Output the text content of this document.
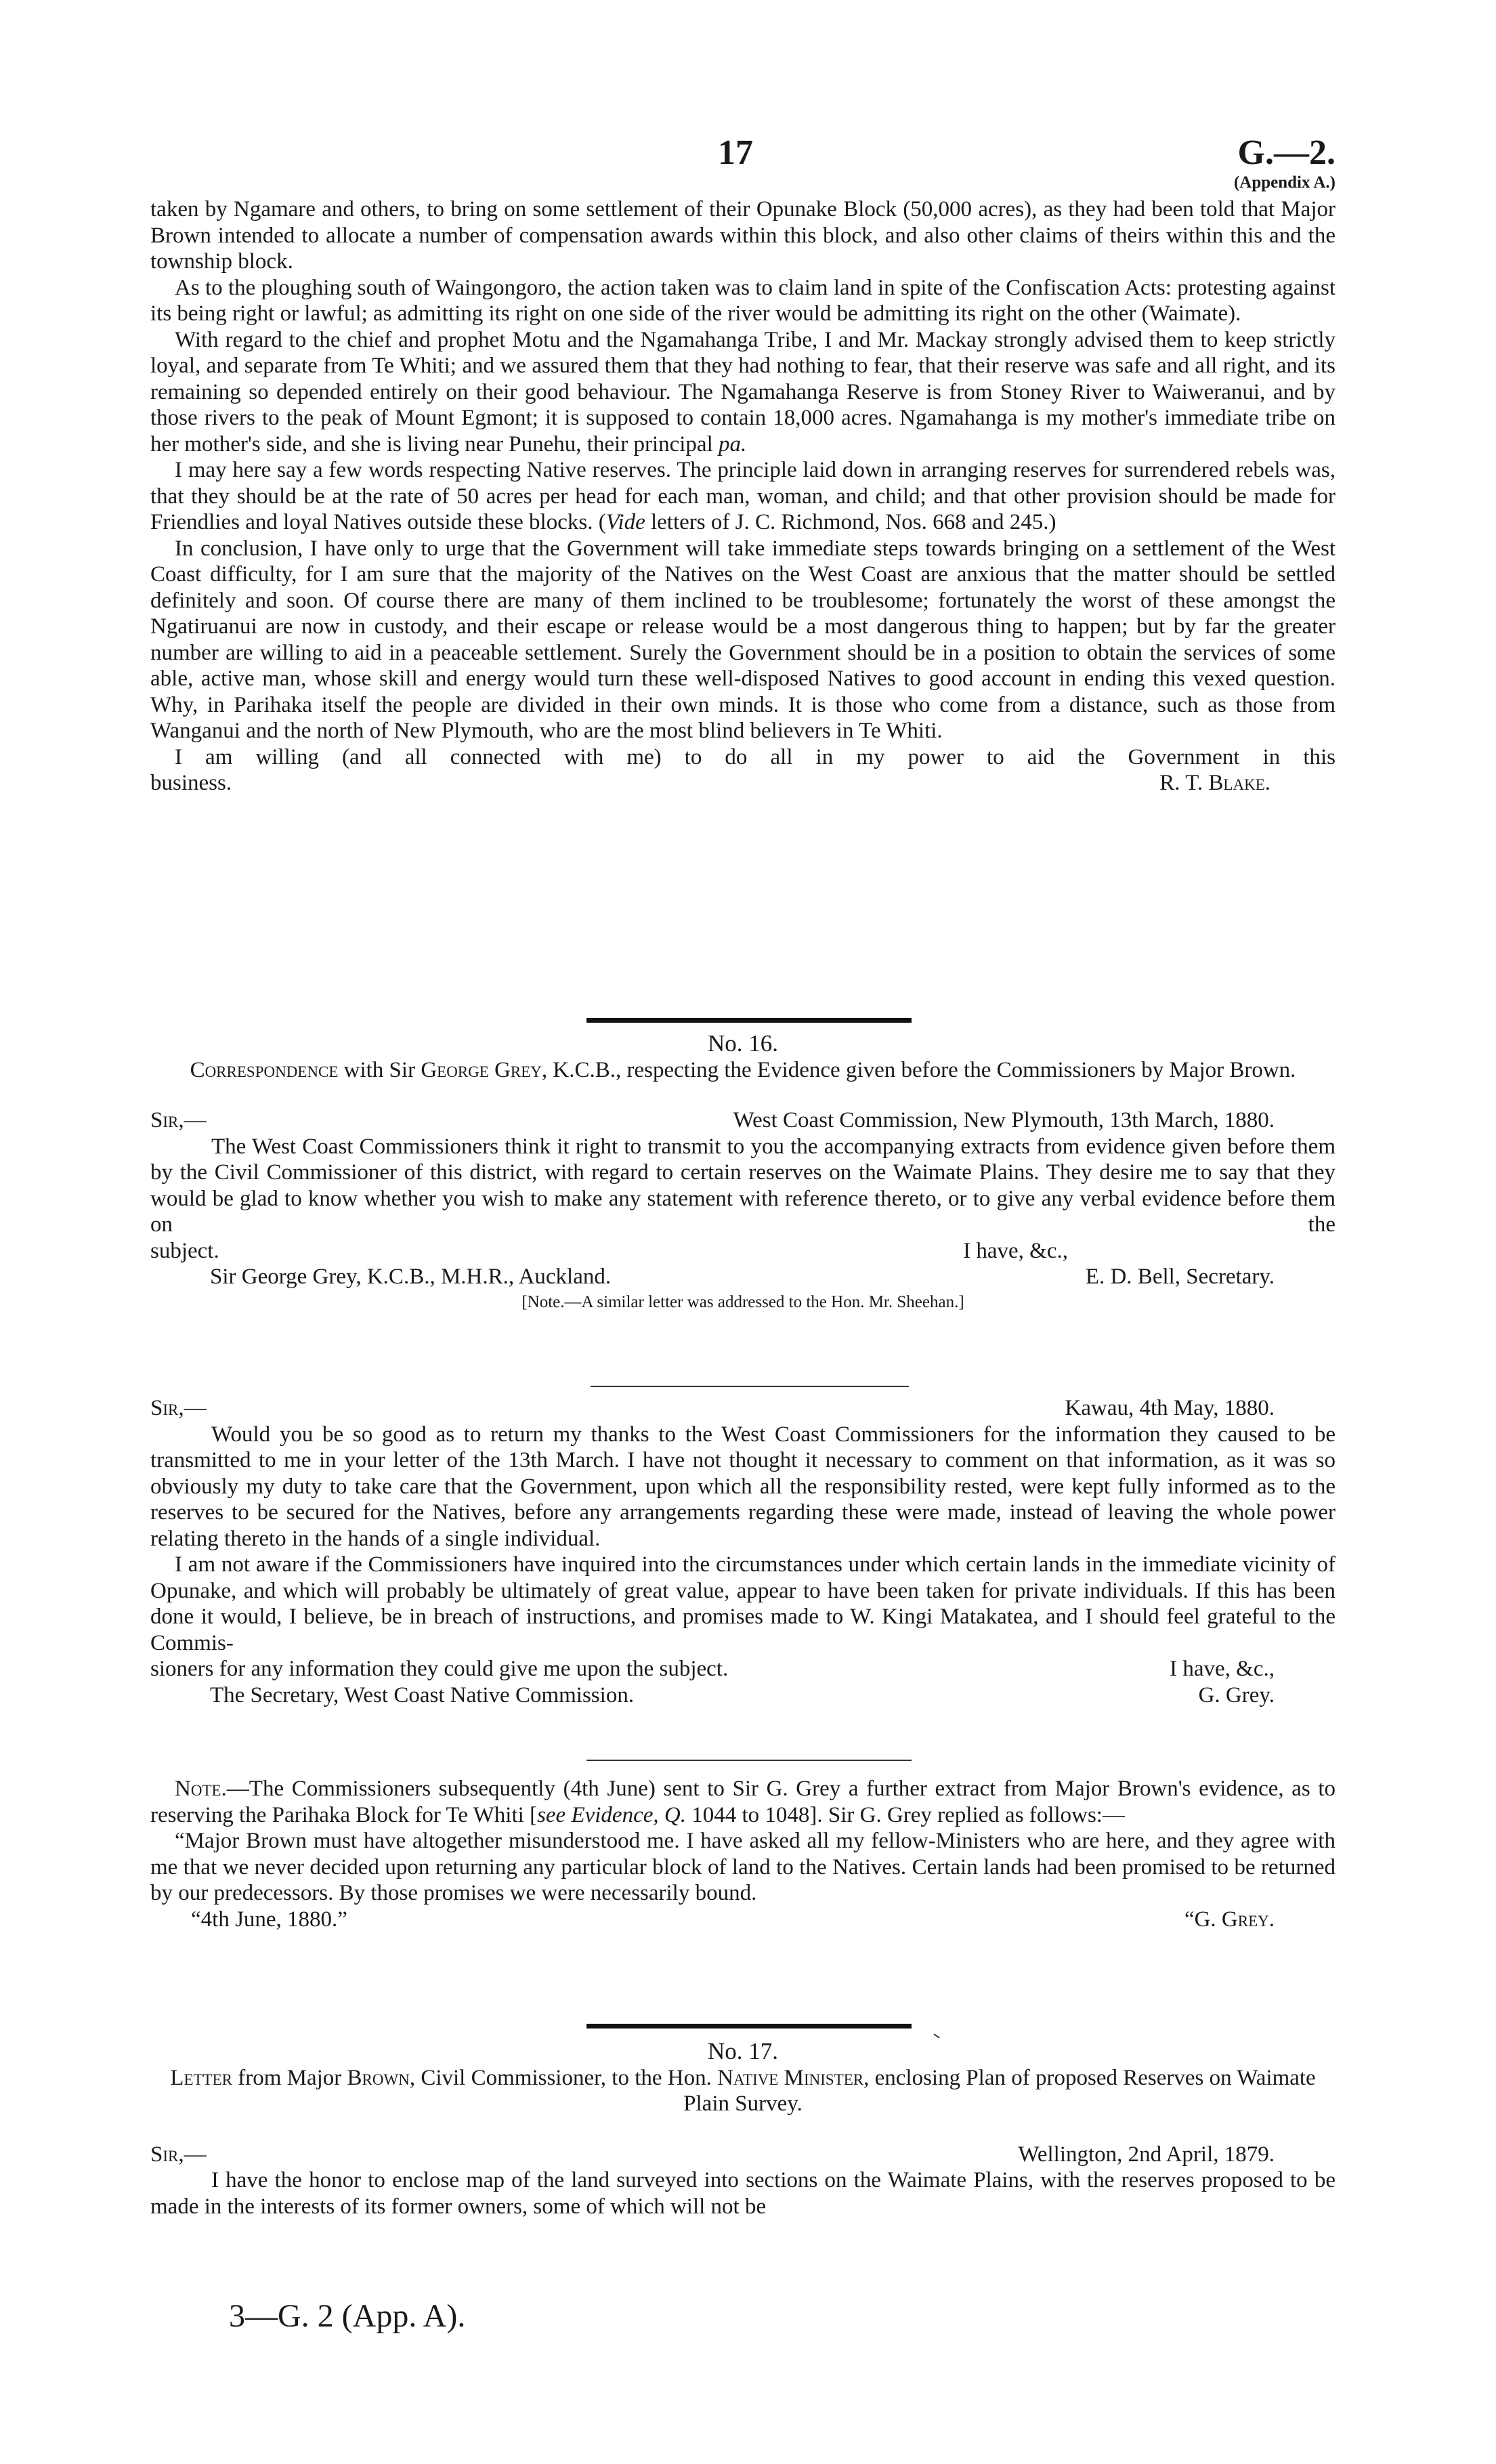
17	G.—2.
(Appendix A.)

taken by Ngamare and others, to bring on some settlement of their Opunake Block (50,000 acres), as they had been told that Major Brown intended to allocate a number of compensation awards within this block, and also other claims of theirs within this and the township block.

As to the ploughing south of Waingongoro, the action taken was to claim land in spite of the Confiscation Acts: protesting against its being right or lawful; as admitting its right on one side of the river would be admitting its right on the other (Waimate).

With regard to the chief and prophet Motu and the Ngamahanga Tribe, I and Mr. Mackay strongly advised them to keep strictly loyal, and separate from Te Whiti; and we assured them that they had nothing to fear, that their reserve was safe and all right, and its remaining so depended entirely on their good behaviour. The Ngamahanga Reserve is from Stoney River to Waiweranui, and by those rivers to the peak of Mount Egmont; it is supposed to contain 18,000 acres. Ngamahanga is my mother's immediate tribe on her mother's side, and she is living near Punehu, their principal pa.

I may here say a few words respecting Native reserves. The principle laid down in arranging reserves for surrendered rebels was, that they should be at the rate of 50 acres per head for each man, woman, and child; and that other provision should be made for Friendlies and loyal Natives outside these blocks. (Vide letters of J. C. Richmond, Nos. 668 and 245.)

In conclusion, I have only to urge that the Government will take immediate steps towards bringing on a settlement of the West Coast difficulty, for I am sure that the majority of the Natives on the West Coast are anxious that the matter should be settled definitely and soon. Of course there are many of them inclined to be troublesome; fortunately the worst of these amongst the Ngatiruanui are now in custody, and their escape or release would be a most dangerous thing to happen; but by far the greater number are willing to aid in a peaceable settlement. Surely the Government should be in a position to obtain the services of some able, active man, whose skill and energy would turn these well-disposed Natives to good account in ending this vexed question. Why, in Parihaka itself the people are divided in their own minds. It is those who come from a distance, such as those from Wanganui and the north of New Plymouth, who are the most blind believers in Te Whiti.

I am willing (and all connected with me) to do all in my power to aid the Government in this

business.	R. T. Blake.

No. 16.

Correspondence with Sir George Grey, K.C.B., respecting the Evidence given before the Commissioners by Major Brown.

Sir,—	West Coast Commission, New Plymouth, 13th March, 1880.

The West Coast Commissioners think it right to transmit to you the accompanying extracts from evidence given before them by the Civil Commissioner of this district, with regard to certain reserves on the Waimate Plains. They desire me to say that they would be glad to know whether you wish to make any statement with reference thereto, or to give any verbal evidence before them on the

subject.	I have, &c.,
Sir George Grey, K.C.B., M.H.R., Auckland.	E. D. Bell, Secretary.

[Note.—A similar letter was addressed to the Hon. Mr. Sheehan.]

Sir,—	Kawau, 4th May, 1880.

Would you be so good as to return my thanks to the West Coast Commissioners for the information they caused to be transmitted to me in your letter of the 13th March. I have not thought it necessary to comment on that information, as it was so obviously my duty to take care that the Government, upon which all the responsibility rested, were kept fully informed as to the reserves to be secured for the Natives, before any arrangements regarding these were made, instead of leaving the whole power relating thereto in the hands of a single individual.

I am not aware if the Commissioners have inquired into the circumstances under which certain lands in the immediate vicinity of Opunake, and which will probably be ultimately of great value, appear to have been taken for private individuals. If this has been done it would, I believe, be in breach of instructions, and promises made to W. Kingi Matakatea, and I should feel grateful to the Commis-

sioners for any information they could give me upon the subject.	I have, &c.,
The Secretary, West Coast Native Commission.	G. Grey.

Note.—The Commissioners subsequently (4th June) sent to Sir G. Grey a further extract from Major Brown's evidence, as to reserving the Parihaka Block for Te Whiti [see Evidence, Q. 1044 to 1048]. Sir G. Grey replied as follows:—

“Major Brown must have altogether misunderstood me. I have asked all my fellow-Ministers who are here, and they agree with me that we never decided upon returning any particular block of land to the Natives. Certain lands had been promised to be returned by our predecessors. By those promises we were necessarily bound.

“4th June, 1880.”	“G. Grey.

No. 17.

Letter from Major Brown, Civil Commissioner, to the Hon. Native Minister, enclosing Plan of proposed Reserves on Waimate Plain Survey.

Sir,—	Wellington, 2nd April, 1879.

I have the honor to enclose map of the land surveyed into sections on the Waimate Plains, with the reserves proposed to be made in the interests of its former owners, some of which will not be

3—G. 2 (App. A).
